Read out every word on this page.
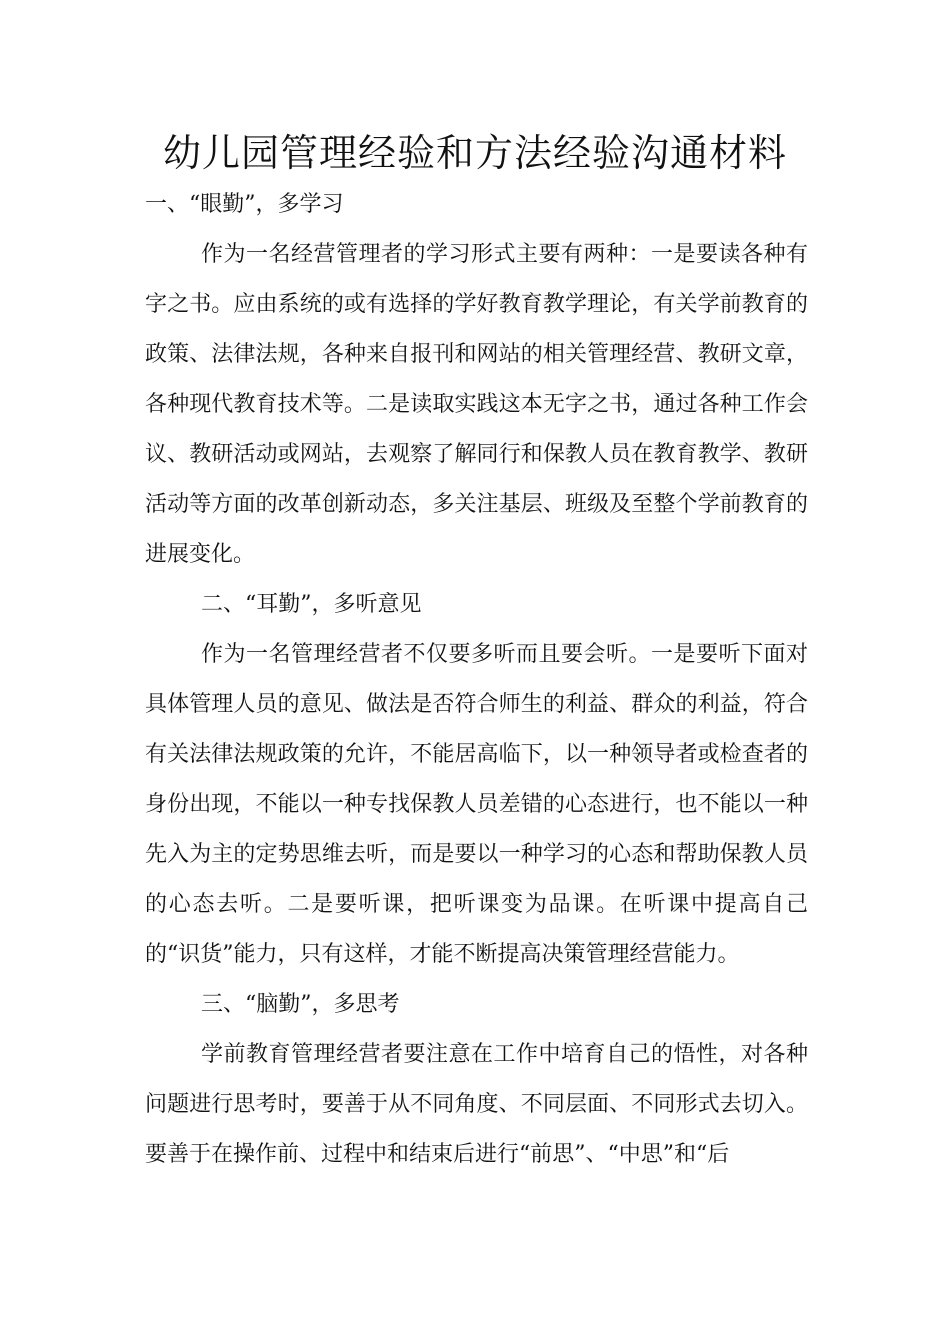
幼儿园管理经验和方法经验沟通材料

一、“眼勤”，多学习

作为一名经营管理者的学习形式主要有两种：一是要读各种有字之书。应由系统的或有选择的学好教育教学理论，有关学前教育的政策、法律法规，各种来自报刊和网站的相关管理经营、教研文章，各种现代教育技术等。二是读取实践这本无字之书，通过各种工作会议、教研活动或网站，去观察了解同行和保教人员在教育教学、教研活动等方面的改革创新动态，多关注基层、班级及至整个学前教育的进展变化。

二、“耳勤”，多听意见

作为一名管理经营者不仅要多听而且要会听。一是要听下面对具体管理人员的意见、做法是否符合师生的利益、群众的利益，符合有关法律法规政策的允许，不能居高临下，以一种领导者或检查者的身份出现，不能以一种专找保教人员差错的心态进行，也不能以一种先入为主的定势思维去听，而是要以一种学习的心态和帮助保教人员的心态去听。二是要听课，把听课变为品课。在听课中提高自己的“识货”能力，只有这样，才能不断提高决策管理经营能力。

三、“脑勤”，多思考

学前教育管理经营者要注意在工作中培育自己的悟性，对各种问题进行思考时，要善于从不同角度、不同层面、不同形式去切入。要善于在操作前、过程中和结束后进行“前思”、“中思”和“后
